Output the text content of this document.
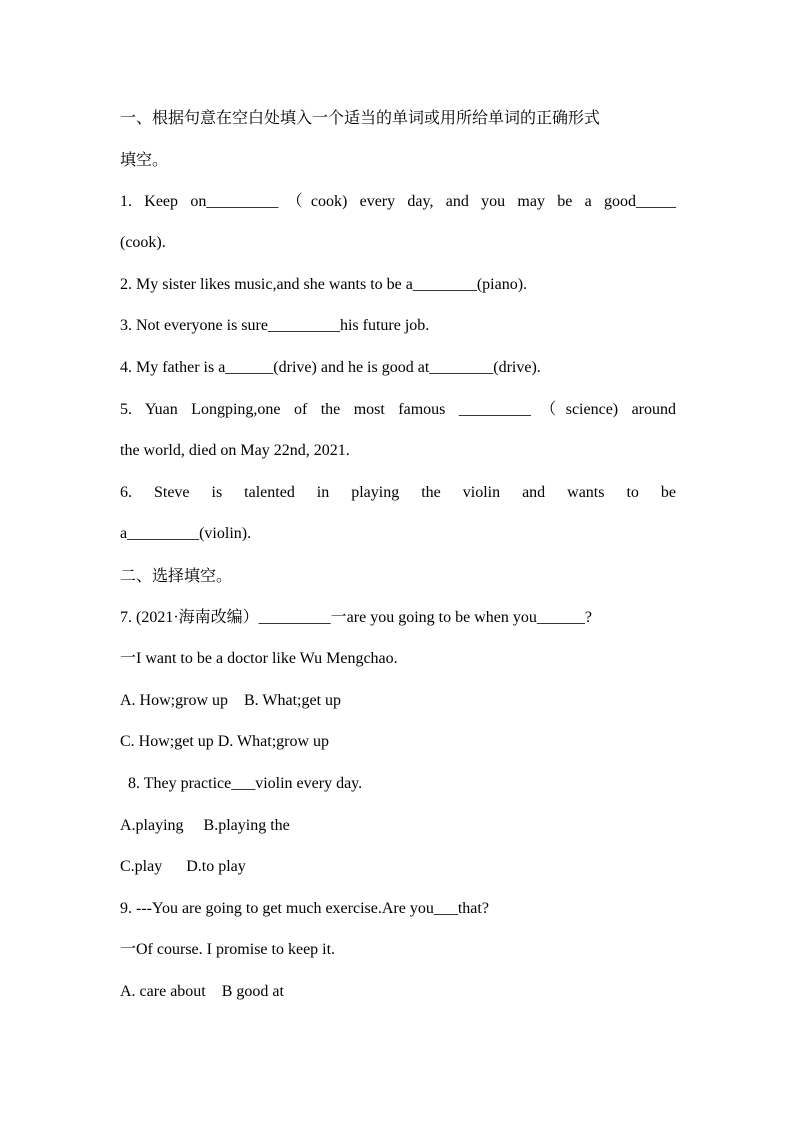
一、根据句意在空白处填入一个适当的单词或用所给单词的正确形式
填空。
1. Keep on_________（cook) every day, and you may be a good_____
(cook).
2. My sister likes music,and she wants to be a________(piano).
3. Not everyone is sure_________his future job.
4. My father is a______(drive) and he is good at________(drive).
5. Yuan Longping,one of the most famous _________（science) around
the world, died on May 22nd, 2021.
6. Steve is talented in playing the violin and wants to be
a_________(violin).
二、选择填空。
7. (2021·海南改编）_________一are you going to be when you______?
一I want to be a doctor like Wu Mengchao.
A. How;grow up    B. What;get up
C. How;get up D. What;grow up
8. They practice___violin every day.
A.playing     B.playing the
C.play      D.to play
9. ---You are going to get much exercise.Are you___that?
一Of course. I promise to keep it.
A. care about    B good at
